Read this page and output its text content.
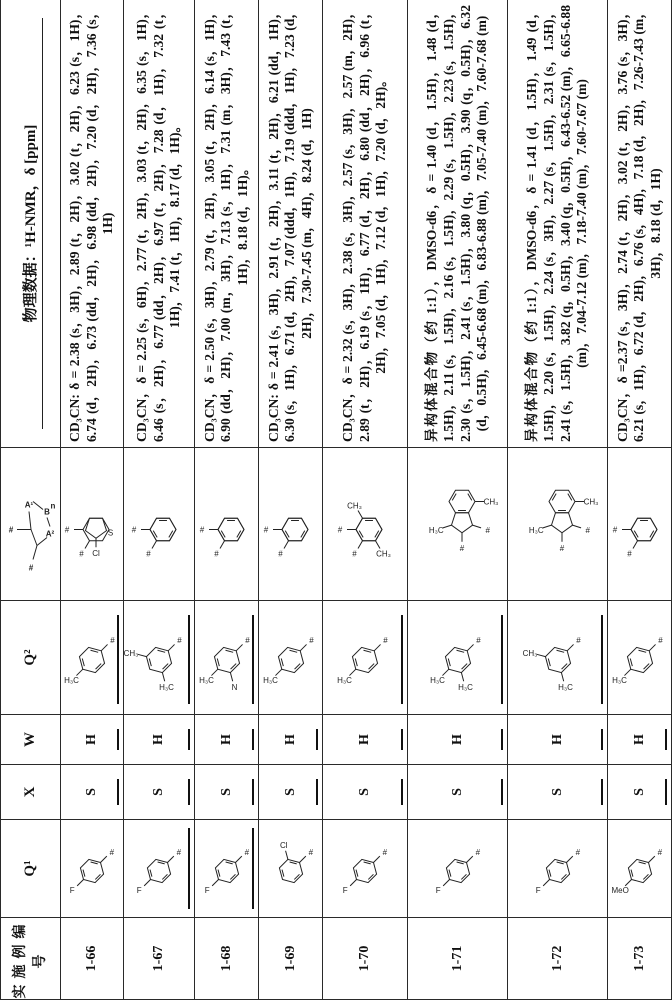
实施例编号	Q¹	X	W	Q²	
#
#
A¹
A²
B
n

物理数据：¹H-NMR，δ [ppm]

1-66	
#
F
	S
	H

#
H₃C

Cl
S
#
#
	CD₃CN: δ = 2.38 (s，3H)，2.89 (t，2H)，3.02 (t，2H)，6.23 (s，1H)，6.74 (d，2H)，6.73 (dd，2H)，6.98 (dd，2H)，7.20 (d，2H)，7.36 (s，1H)
1-67	
#
F
	S
	H

#
CH₃
H₃C

#
#
	CD₃CN，δ = 2.25 (s，6H)，2.77 (t，2H)，3.03 (t，2H)，6.35 (s，1H)，6.46 (s，2H)，6.77 (dd，2H)，6.97 (t，2H)，7.28 (d，1H)，7.32 (t，1H)，7.41 (t，1H)，8.17 (d，1H)。
1-68	
#
F
	S
	H

#
H₃C
N

#
#
	CD₃CN，δ = 2.50 (s，3H)，2.79 (t，2H)，3.05 (t，2H)，6.14 (s，1H)，6.90 (dd，2H)，7.00 (m，3H)，7.13 (s，1H)，7.31 (m，3H)，7.43 (t，1H)，8.18 (d，1H)。
1-69	
#
Cl
	S
	H

#
H₃C

#
#
	CD₃CN: δ = 2.41 (s，3H)，2.91 (t，2H)，3.11 (t，2H)，6.21 (dd，1H)，6.30 (s，1H)，6.71 (d，2H)，7.07 (ddd，1H)，7.19 (ddd，1H)，7.23 (d，2H)，7.30-7.45 (m，4H)，8.24 (d，1H)
1-70	
#
F
	S
	H

#
H₃C

CH₃
CH₃
#
#
	CD₃CN，δ = 2.32 (s，3H)，2.38 (s，3H)，2.57 (s，3H)，2.57 (m，2H)，2.89 (t，2H)，6.19 (s，1H)，6.77 (d，2H)，6.80 (dd，2H)，6.96 (t，2H)，7.05 (d，1H)，7.12 (d，1H)，7.20 (d，2H)。
1-71	
#
F
	S
	H

#
H₃C
H₃C

CH₃
#
H₃C	#
	异构体混合物（约 1:1），DMSO-d6，δ = 1.40 (d，1.5H)，1.48 (d，1.5H)，2.11 (s，1.5H)，2.16 (s，1.5H)，2.29 (s，1.5H)，2.23 (s，1.5H)，2.30 (s，1.5H)，2.41 (s，1.5H)，3.80 (q，0.5H)，3.90 (q，0.5H)，6.32 (d，0.5H)，6.45-6.68 (m)，6.83-6.88 (m)，7.05-7.40 (m)，7.60-7.68 (m)
1-72	
#
F
	S
	H

#
CH₃
H₃C

CH₃
#
H₃C	#
	异构体混合物（约 1:1），DMSO-d6，δ = 1.41 (d，1.5H)，1.49 (d，1.5H)，2.20 (s，1.5H)，2.24 (s，3H)，2.27 (s，1.5H)，2.31 (s，1.5H)，2.41 (s，1.5H)，3.82 (q，0.5H)，3.40 (q，0.5H)，6.43-6.52 (m)，6.65-6.88 (m)，7.04-7.12 (m)，7.18-7.40 (m)，7.60-7.67 (m)
1-73	
#
MeO
	S
	H

#
H₃C

#
#
	CD₃CN，δ =2.37 (s，3H)，2.74 (t，2H)，3.02 (t，2H)，3.76 (s，3H)，6.21 (s，1H)，6.72 (d，2H)，6.76 (s，4H)，7.18 (d，2H)，7.26-7.43 (m，3H)，8.18 (d，1H)
